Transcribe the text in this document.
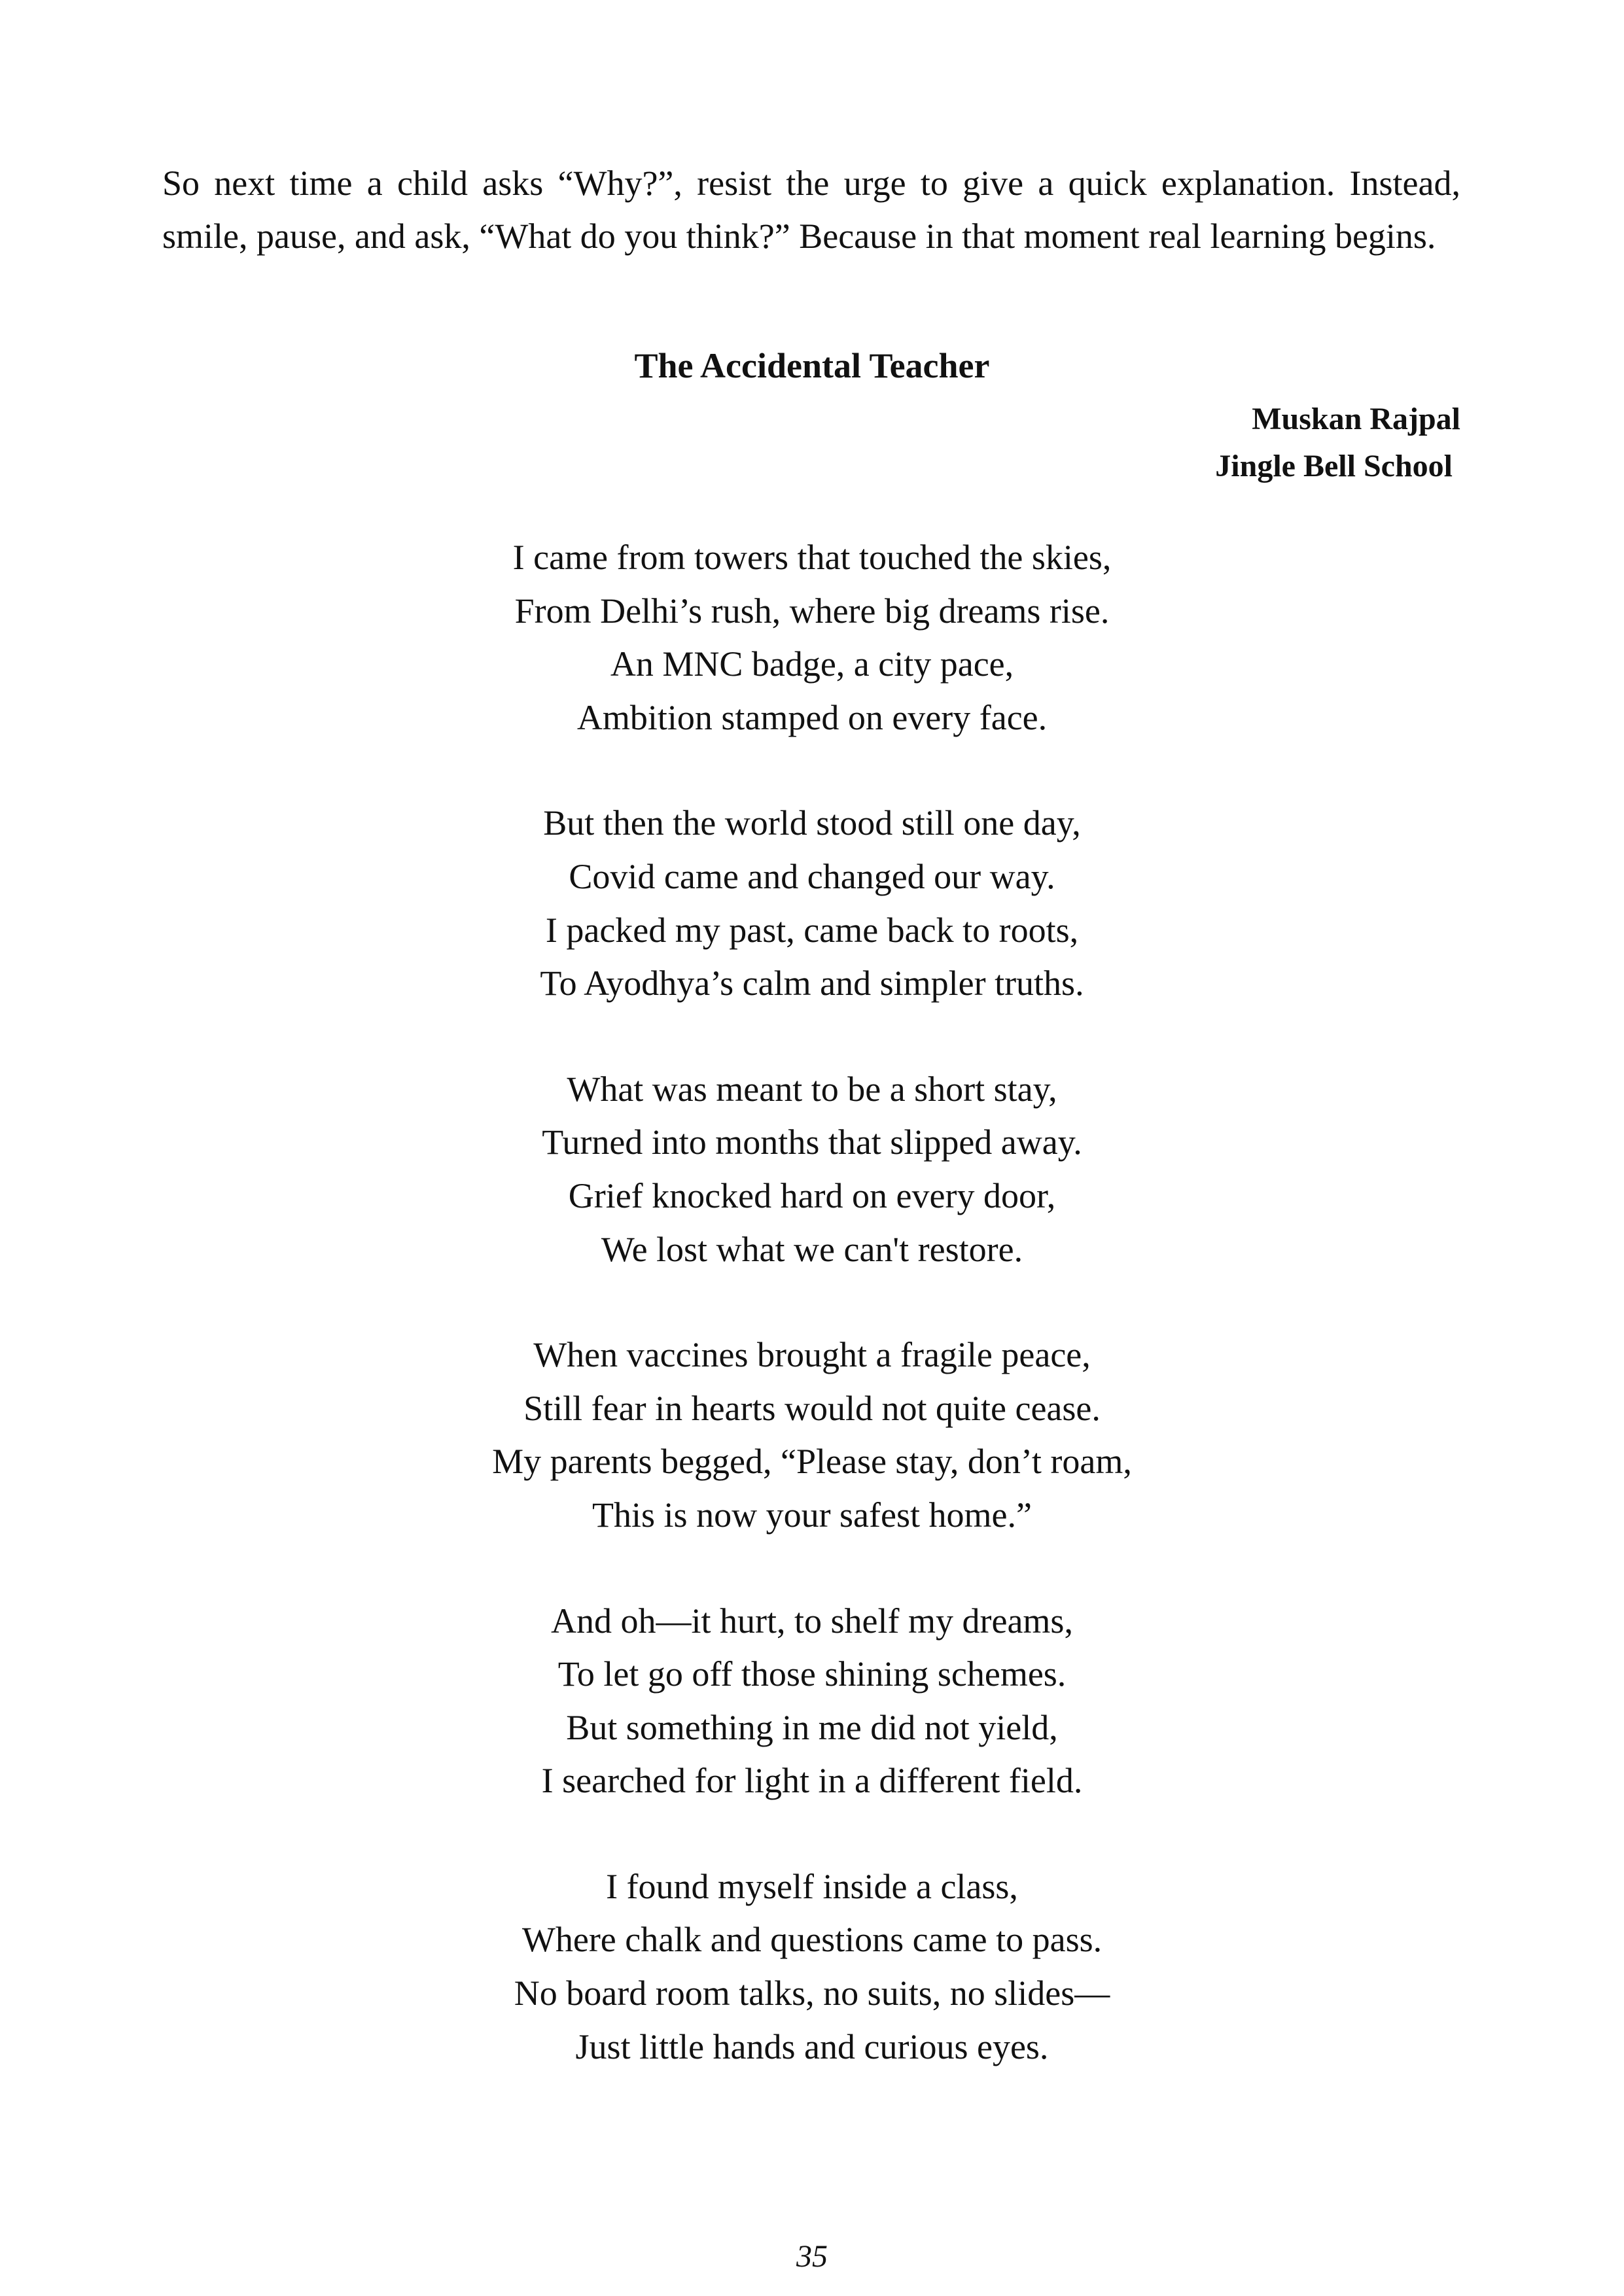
So next time a child asks “Why?”, resist the urge to give a quick explanation. Instead, smile, pause, and ask, “What do you think?” Because in that moment real learning begins.

The Accidental Teacher
Muskan Rajpal
Jingle Bell School
I came from towers that touched the skies,
From Delhi’s rush, where big dreams rise.
An MNC badge, a city pace,
Ambition stamped on every face.
But then the world stood still one day,
Covid came and changed our way.
I packed my past, came back to roots,
To Ayodhya’s calm and simpler truths.
What was meant to be a short stay,
Turned into months that slipped away.
Grief knocked hard on every door,
We lost what we can't restore.
When vaccines brought a fragile peace,
Still fear in hearts would not quite cease.
My parents begged, “Please stay, don’t roam,
This is now your safest home.”
And oh—it hurt, to shelf my dreams,
To let go off those shining schemes.
But something in me did not yield,
I searched for light in a different field.
I found myself inside a class,
Where chalk and questions came to pass.
No board room talks, no suits, no slides—
Just little hands and curious eyes.
35
